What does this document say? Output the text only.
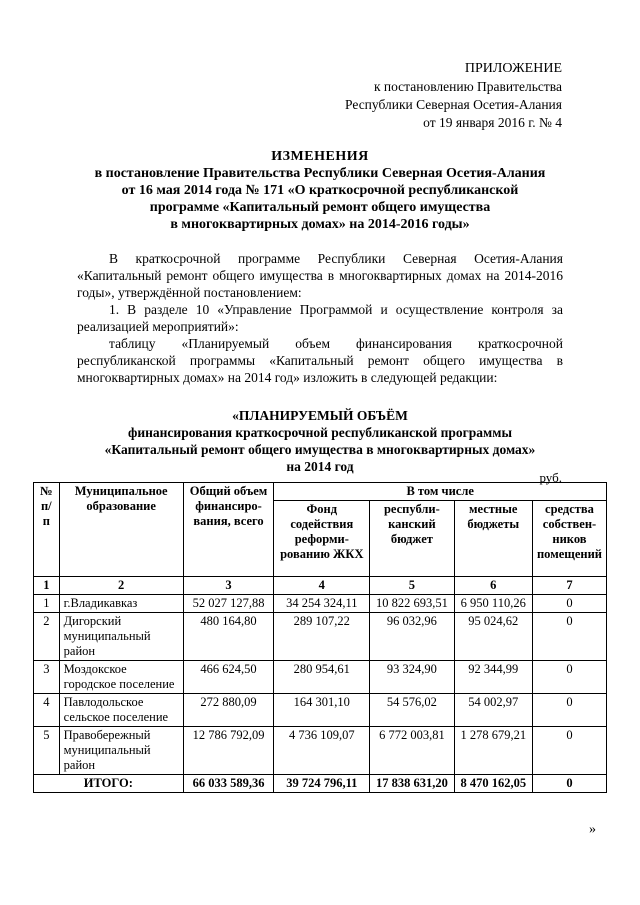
ПРИЛОЖЕНИЕ
к постановлению Правительства
Республики Северная Осетия-Алания
от 19 января 2016 г. № 4
ИЗМЕНЕНИЯ
в постановление Правительства Республики Северная Осетия-Алания
от 16 мая 2014 года № 171 «О краткосрочной республиканской
программе «Капитальный ремонт общего имущества
в многоквартирных домах» на 2014-2016 годы»

В краткосрочной программе Республики Северная Осетия-Алания «Капитальный ремонт общего имущества в многоквартирных домах на 2014-2016 годы», утверждённой постановлением:

1. В разделе 10 «Управление Программой и осуществление контроля за реализацией мероприятий»:

таблицу «Планируемый объем финансирования краткосрочной республиканской программы «Капитальный ремонт общего имущества в многоквартирных домах» на 2014 год» изложить в следующей редакции:

«ПЛАНИРУЕМЫЙ ОБЪЁМ
финансирования краткосрочной республиканской программы
«Капитальный ремонт общего имущества в многоквартирных домах»
на 2014 год
руб.
№ п/п	Муниципальное образование	Общий объем финансиро-вания, всего	В том числе			
			Фонд содействия реформи-рованию ЖКХ	республи-канский бюджет	местные бюджеты	средства собствен-ников помещений
1	2	3	4	5	6	7
1	г.Владикавказ	52 027 127,88	34 254 324,11	10 822 693,51	6 950 110,26	0
2	Дигорский муниципальный район	480 164,80	289 107,22	96 032,96	95 024,62	0
3	Моздокское городское поселение	466 624,50	280 954,61	93 324,90	92 344,99	0
4	Павлодольское сельское поселение	272 880,09	164 301,10	54 576,02	54 002,97	0
5	Правобережный муниципальный район	12 786 792,09	4 736 109,07	6 772 003,81	1 278 679,21	0
ИТОГО:		66 033 589,36	39 724 796,11	17 838 631,20	8 470 162,05	0
»
